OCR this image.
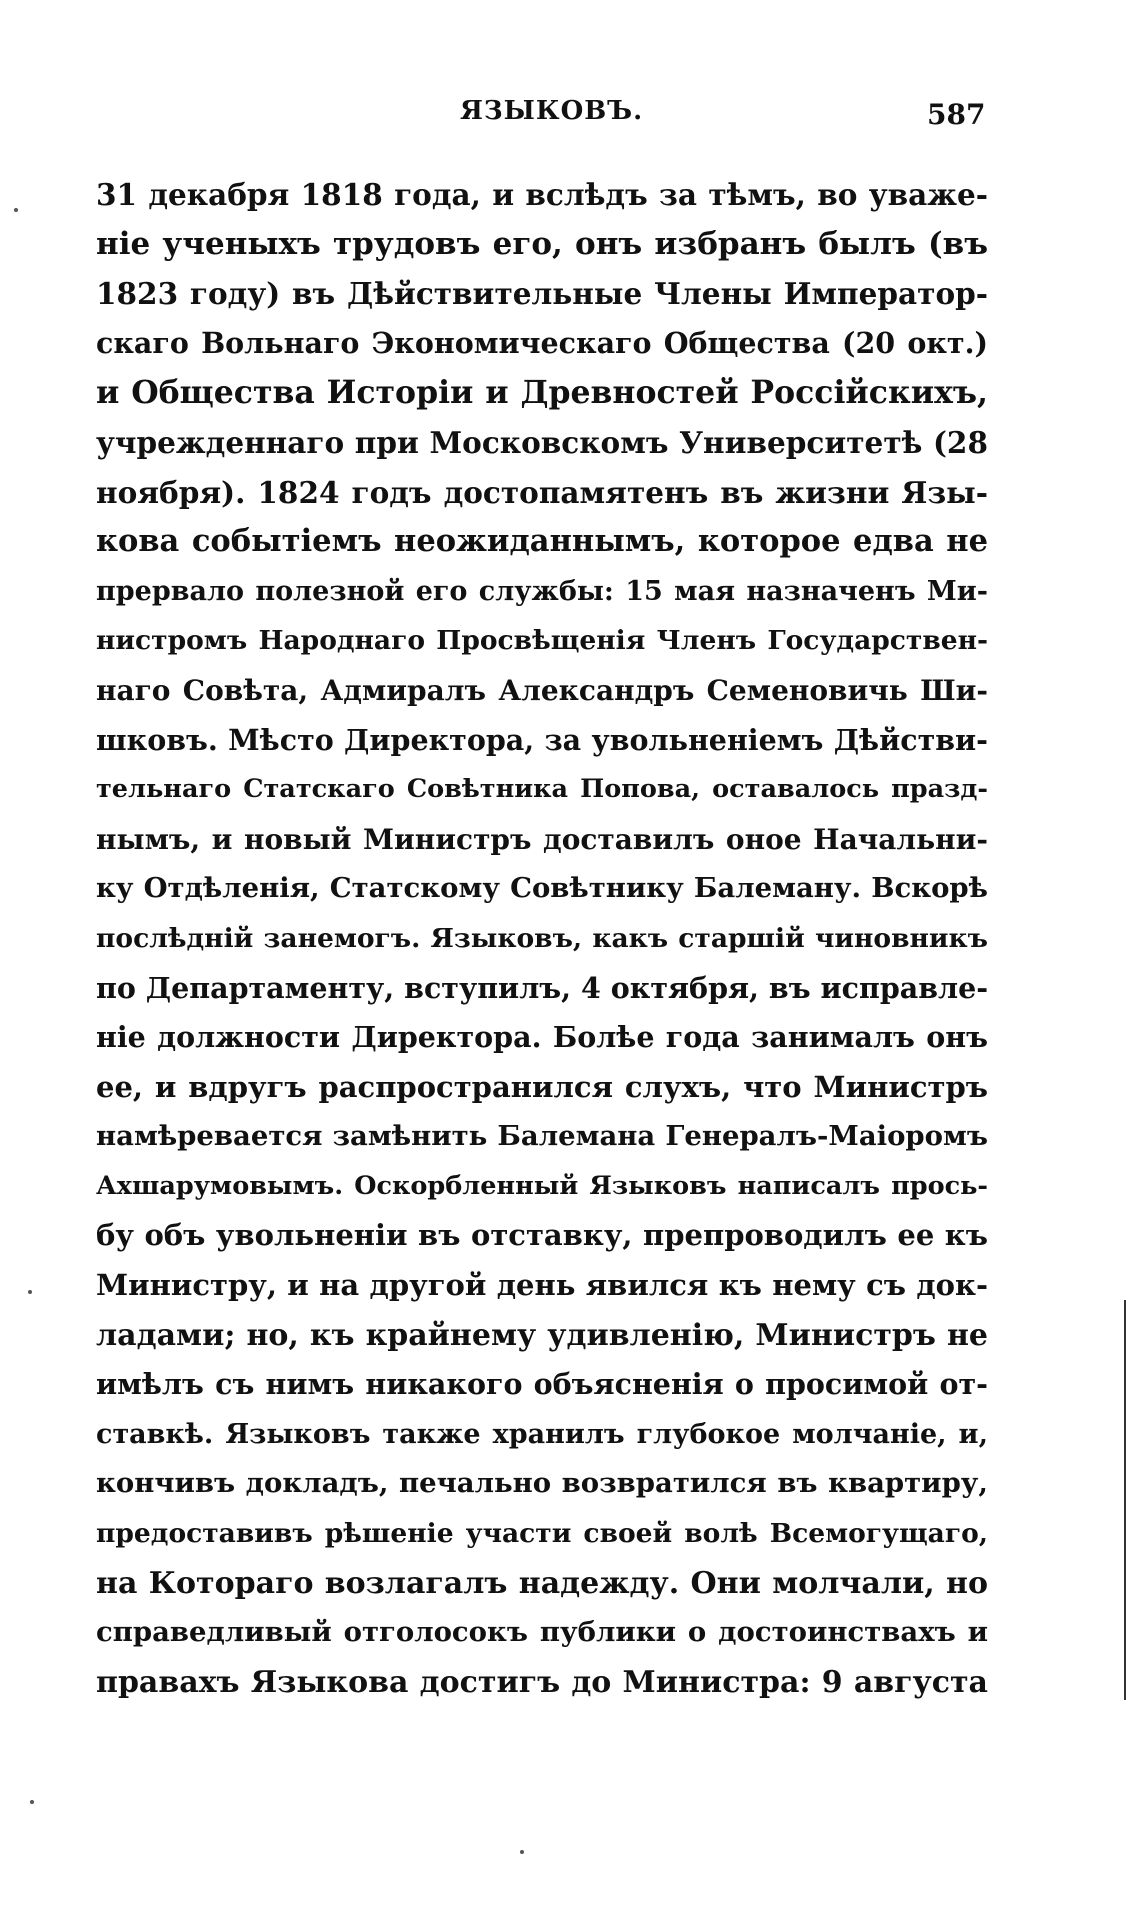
ЯЗЫКОВЪ.	587
31 декабря 1818 года, и вслѣдъ за тѣмъ, во уваже-
ніе ученыхъ трудовъ его, онъ избранъ былъ (въ
1823 году) въ Дѣйствительные Члены Император-
скаго Вольнаго Экономическаго Общества (20 окт.)
и Общества Исторіи и Древностей Россійскихъ,
учрежденнаго при Московскомъ Университетѣ (28
ноября). 1824 годъ достопамятенъ въ жизни Язы-
кова событіемъ неожиданнымъ, которое едва не
прервало полезной его службы: 15 мая назначенъ Ми-
нистромъ Народнаго Просвѣщенія Членъ Государствен-
наго Совѣта, Адмиралъ Александръ Семеновичь Ши-
шковъ. Мѣсто Директора, за увольненіемъ Дѣйстви-
тельнаго Статскаго Совѣтника Попова, оставалось празд-
нымъ, и новый Министръ доставилъ оное Начальни-
ку Отдѣленія, Статскому Совѣтнику Балеману. Вскорѣ
послѣдній занемогъ. Языковъ, какъ старшій чиновникъ
по Департаменту, вступилъ, 4 октября, въ исправле-
ніе должности Директора. Болѣе года занималъ онъ
ее, и вдругъ распространился слухъ, что Министръ
намѣревается замѣнить Балемана Генералъ-Маіоромъ
Ахшарумовымъ. Оскорбленный Языковъ написалъ прось-
бу объ увольненіи въ отставку, препроводилъ ее къ
Министру, и на другой день явился къ нему съ док-
ладами; но, къ крайнему удивленію, Министръ не
имѣлъ съ нимъ никакого объясненія о просимой от-
ставкѣ. Языковъ также хранилъ глубокое молчаніе, и,
кончивъ докладъ, печально возвратился въ квартиру,
предоставивъ рѣшеніе участи своей волѣ Всемогущаго,
на Котораго возлагалъ надежду. Они молчали, но
справедливый отголосокъ публики о достоинствахъ и
правахъ Языкова достигъ до Министра: 9 августа
